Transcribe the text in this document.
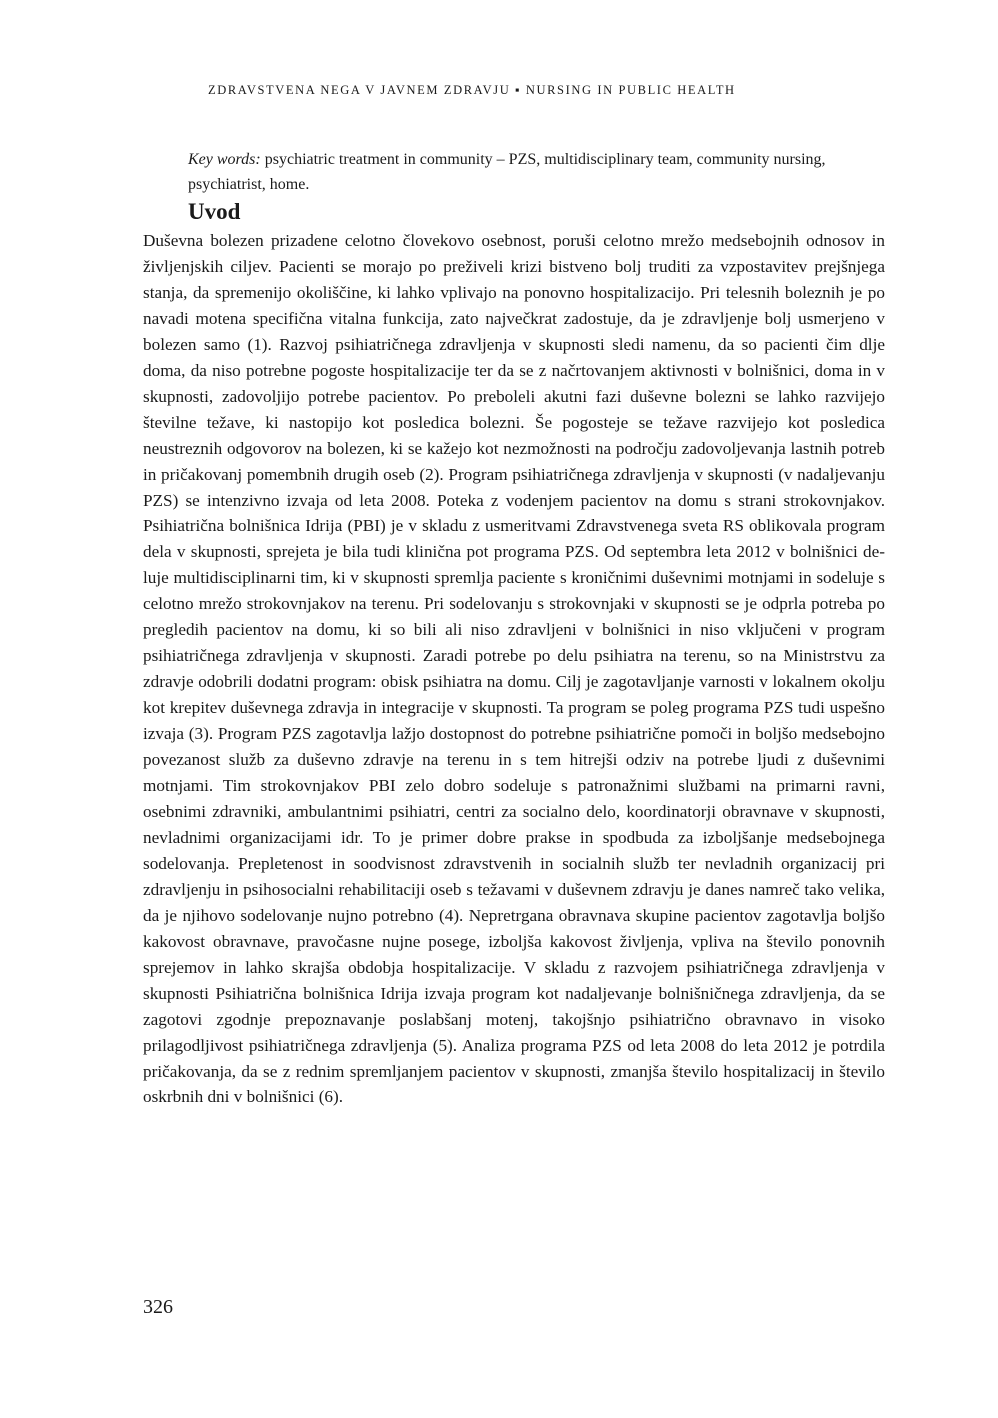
ZDRAVSTVENA NEGA V JAVNEM ZDRAVJU ▪ NURSING IN PUBLIC HEALTH

Key words: psychiatric treatment in community – PZS, multidisciplinary team, community nursing, psychiatrist, home.

Uvod

Duševna bolezen prizadene celotno človekovo osebnost, poruši celotno mrežo medsebojnih odnosov in življenjskih ciljev. Pacienti se morajo po preživeli krizi bistveno bolj truditi za vzpostavitev prejšnjega stanja, da spremenijo okoliščine, ki lahko vplivajo na ponovno hospitalizacijo. Pri telesnih boleznih je po navadi motena specifična vitalna funkcija, zato največkrat zadostuje, da je zdravljenje bolj usmerjeno v bolezen samo (1). Razvoj psihiatričnega zdravljenja v skupnosti sledi namenu, da so pacienti čim dlje doma, da niso potrebne pogoste hospitalizacije ter da se z načrtovanjem aktivnosti v bolnišnici, doma in v skupnosti, zadovoljijo potrebe pacientov. Po preboleli akutni fazi duševne bolezni se lahko razvijejo številne težave, ki nastopijo kot posledica bolezni. Še pogosteje se težave razvijejo kot posledica neustreznih odgovorov na bolezen, ki se kažejo kot nezmožnosti na področju zadovoljevanja lastnih potreb in pričakovanj pomembnih drugih oseb (2). Program psihiatričnega zdravljenja v skupnosti (v nadaljevanju PZS) se intenzivno izvaja od leta 2008. Poteka z vodenjem pacientov na domu s strani strokovnjakov. Psihiatrična bolnišnica Idrija (PBI) je v skladu z usmeritvami Zdravstvenega sveta RS oblikovala program dela v skupnosti, sprejeta je bila tudi klinična pot programa PZS. Od septembra leta 2012 v bolnišnici deluje multidisciplinarni tim, ki v skupnosti spremlja paciente s kroničnimi duševnimi motnjami in sodeluje s celotno mrežo strokovnjakov na terenu. Pri sodelovanju s strokovnjaki v skupnosti se je odprla potreba po pregledih pacientov na domu, ki so bili ali niso zdravljeni v bolnišnici in niso vključeni v program psihiatričnega zdravljenja v skupnosti. Zaradi potrebe po delu psihiatra na terenu, so na Ministrstvu za zdravje odobrili dodatni program: obisk psihiatra na domu. Cilj je zagotavljanje varnosti v lokalnem okolju kot krepitev duševnega zdravja in integracije v skupnosti. Ta program se poleg programa PZS tudi uspešno izvaja (3). Program PZS zagotavlja lažjo dostopnost do potrebne psihiatrične pomoči in boljšo medsebojno povezanost služb za duševno zdravje na terenu in s tem hitrejši odziv na potrebe ljudi z duševnimi motnjami. Tim strokovnjakov PBI zelo dobro sodeluje s patronažnimi službami na primarni ravni, osebnimi zdravniki, ambulantnimi psihiatri, centri za socialno delo, koordinatorji obravnave v skupnosti, nevladnimi organizacijami idr. To je primer dobre prakse in spodbuda za izboljšanje medsebojnega sodelovanja. Prepletenost in soodvisnost zdravstvenih in socialnih služb ter nevladnih organizacij pri zdravljenju in psihosocialni rehabilitaciji oseb s težavami v duševnem zdravju je danes namreč tako velika, da je njihovo sodelovanje nujno potrebno (4). Nepretrgana obravnava skupine pacientov zagotavlja boljšo kakovost obravnave, pravočasne nujne posege, izboljša kakovost življenja, vpliva na število ponovnih sprejemov in lahko skrajša obdobja hospitalizacije. V skladu z razvojem psihiatričnega zdravljenja v skupnosti Psihiatrična bolnišnica Idrija izvaja program kot nadaljevanje bolnišničnega zdravljenja, da se zagotovi zgodnje prepoznavanje poslabšanj motenj, takojšnjo psihiatrično obravnavo in visoko prilagodljivost psihiatričnega zdravljenja (5). Analiza programa PZS od leta 2008 do leta 2012 je potrdila pričakovanja, da se z rednim spremljanjem pacientov v skupnosti, zmanjša število hospitalizacij in število oskrbnih dni v bolnišnici (6).

326
